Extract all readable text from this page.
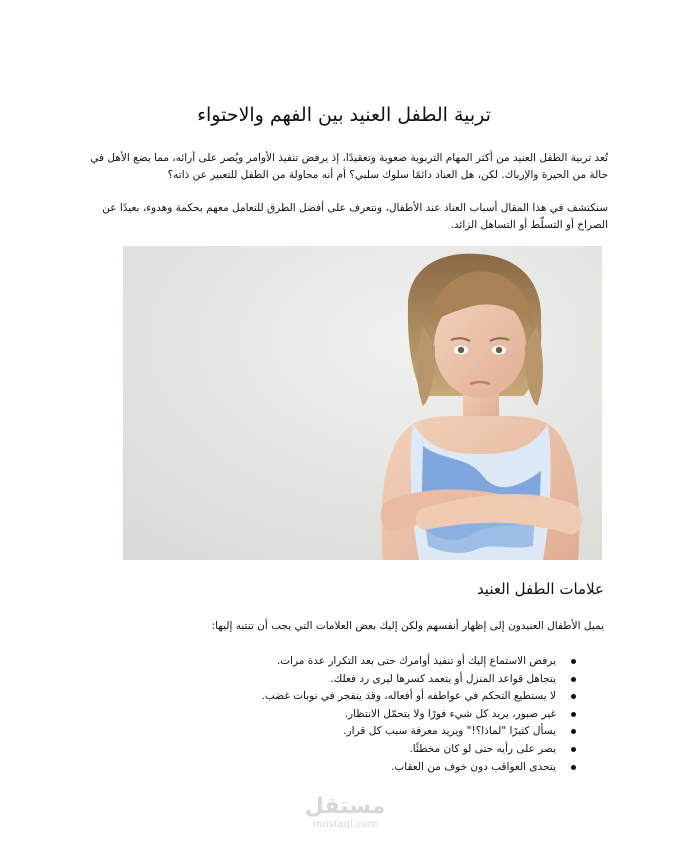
تربية الطفل العنيد بين الفهم والاحتواء

تُعد تربية الطفل العنيد من أكثر المهام التربوية صعوبة وتعقيدًا، إذ يرفض تنفيذ الأوامر ويُصر على آرائه، مما يضع الأهل في حالة من الحيرة والإرباك. لكن، هل العناد دائمًا سلوك سلبي؟ أم أنه محاولة من الطفل للتعبير عن ذاته؟

سنكتشف في هذا المقال أسباب العناد عند الأطفال، ونتعرف على أفضل الطرق للتعامل معهم بحكمة وهدوء، بعيدًا عن الصراخ أو التسلّط أو التساهل الزائد.

علامات الطفل العنيد

يميل الأطفال العنيدون إلى إظهار أنفسهم ولكن إليك بعض العلامات التي يجب أن تنتبه إليها:

يرفض الاستماع إليك أو تنفيذ أوامرك حتى بعد التكرار عدة مرات.
يتجاهل قواعد المنزل أو يتعمد كسرها ليرى رد فعلك.
لا يستطيع التحكم في عواطفه أو أفعاله، وقد ينفجر في نوبات غضب.
غير صبور، يريد كل شيء فورًا ولا يتحمّل الانتظار.
يسأل كثيرًا "لماذا؟!" ويريد معرفة سبب كل قرار.
يصر على رأيه حتى لو كان مخطئًا.
يتحدى العواقب دون خوف من العقاب.
مستقل
mostaql.com
